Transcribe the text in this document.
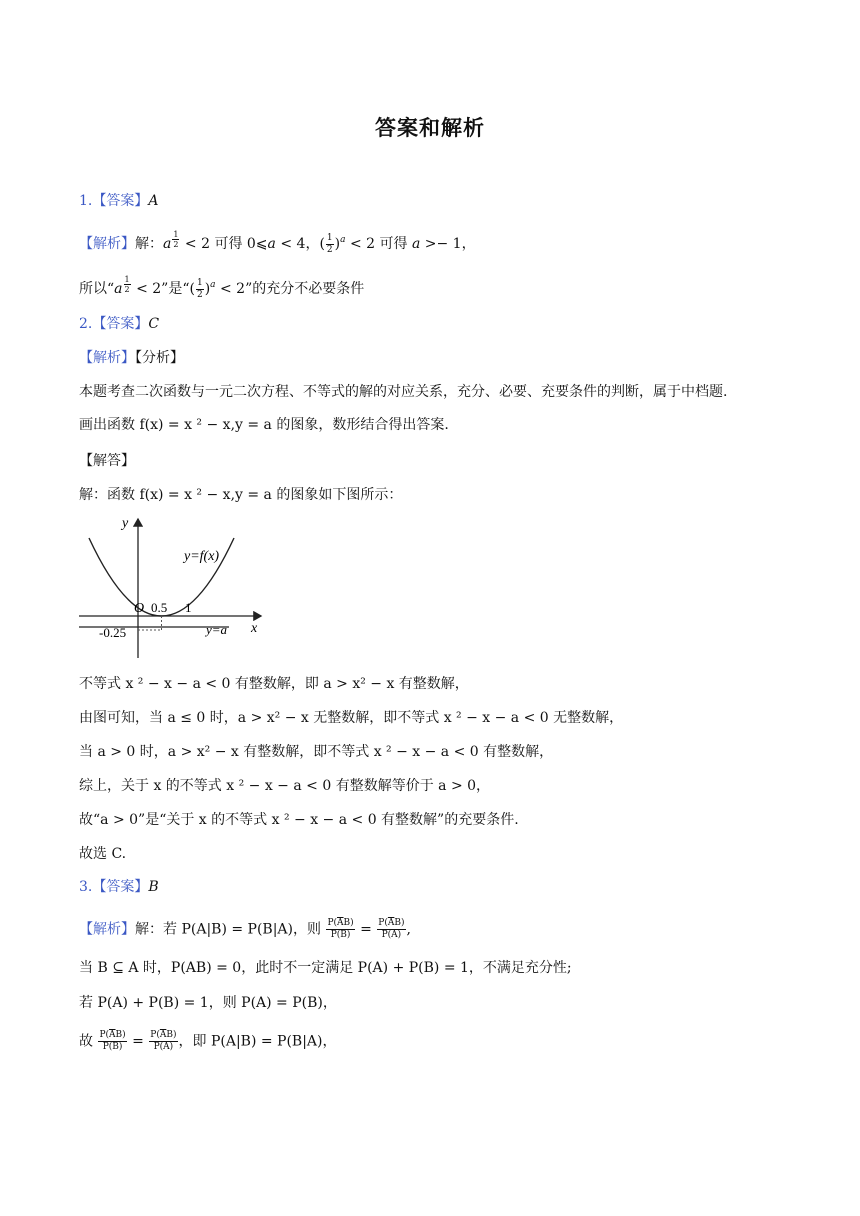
答案和解析
1.【答案】A
【解析】解：a $^{\frac{1}{2}}$ < 2 可得 0⩽a < 4，( $\frac{1}{2} )^a < 2$ 可得 a >− 1，
所以“a $^{\frac{1}{2}}$ < 2”是“( $\frac{1}{2} )^a < 2$”的充分不必要条件
2.【答案】C
【解析】【分析】
本题考查二次函数与一元二次方程、不等式的解的对应关系，充分、必要、充要条件的判断，属于中档题.
画出函数 f(x) = x ² − x,y = a 的图象，数形结合得出答案.
【解答】
解：函数 f(x) = x ² − x,y = a 的图象如下图所示：
y
x
O 0.5 1
-0.25
y=f(x)
y=a
不等式 x ² − x − a < 0 有整数解，即 a > x² − x 有整数解，
由图可知，当 a ≤ 0 时，a > x² − x 无整数解，即不等式 x ² − x − a < 0 无整数解，
当 a > 0 时，a > x² − x 有整数解，即不等式 x ² − x − a < 0 有整数解，
综上，关于 x 的不等式 x ² − x − a < 0 有整数解等价于 a > 0，
故“a > 0”是“关于 x 的不等式 x ² − x − a < 0 有整数解”的充要条件.
故选 C.
3.【答案】B
【解析】解：若 P(A|B) = P(B|A)，则 $\frac{P(\overline{A}B)}{P(B)} = \frac{P(\overline{A}B)}{P(\overline{A})}$ ,
当 B ⊆ A 时，P(AB) = 0，此时不一定满足 P(A) + P(B) = 1，不满足充分性;
若 P(A) + P(B) = 1，则 P(A) = P(B)，
故 $\frac{P(\overline{A}B)}{P(B)} = \frac{P(\overline{A}B)}{P(\overline{A})}$ ，即 P(A|B) = P(B|A)，
